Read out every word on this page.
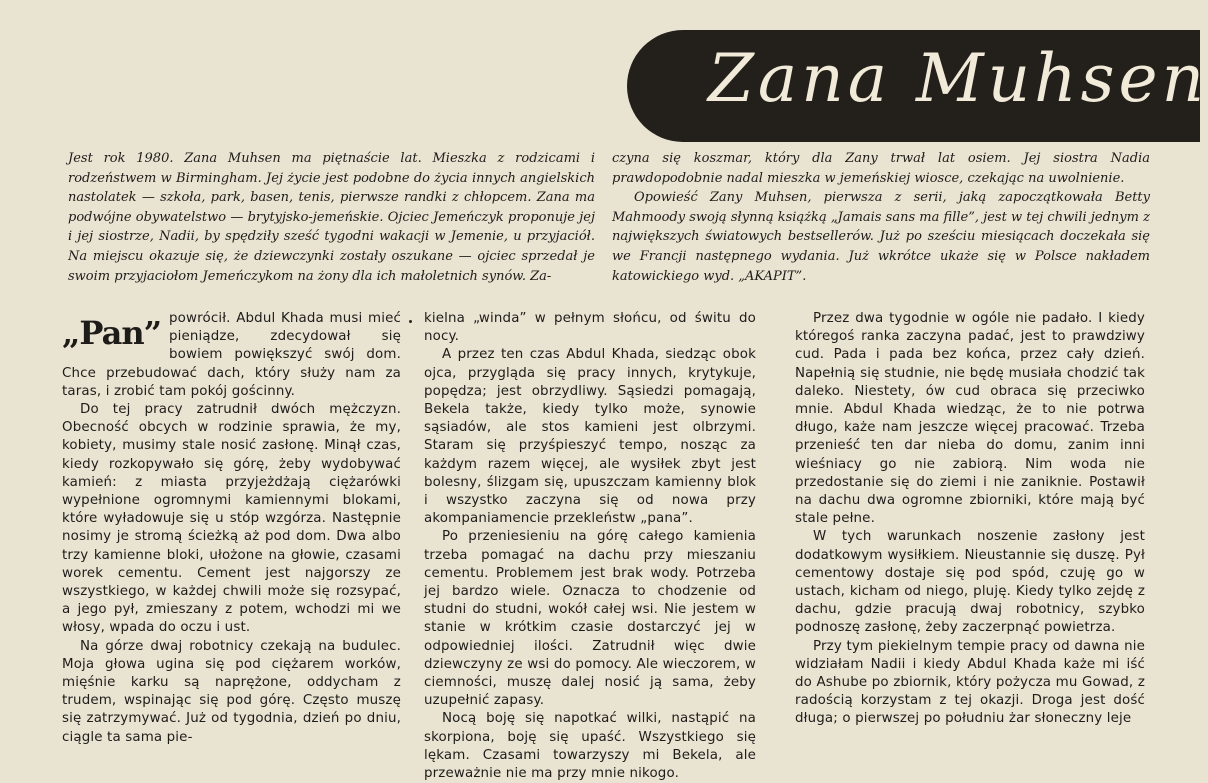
Zana Muhsen

Jest rok 1980. Zana Muhsen ma piętnaście lat. Mieszka z rodzicami i rodzeństwem w Birmingham. Jej życie jest podobne do życia innych angielskich nastolatek — szkoła, park, basen, tenis, pierwsze randki z chłopcem. Zana ma podwójne obywatelstwo — brytyjsko-jemeńskie. Ojciec Jemeńczyk proponuje jej i jej siostrze, Nadii, by spędziły sześć tygodni wakacji w Jemenie, u przyjaciół. Na miejscu okazuje się, że dziewczynki zostały oszukane — ojciec sprzedał je swoim przyjaciołom Jemeńczykom na żony dla ich małoletnich synów. Za-

czyna się koszmar, który dla Zany trwał lat osiem. Jej siostra Nadia prawdopodobnie nadal mieszka w jemeńskiej wiosce, czekając na uwolnienie.

Opowieść Zany Muhsen, pierwsza z serii, jaką zapoczątkowała Betty Mahmoody swoją słynną książką „Jamais sans ma fille”, jest w tej chwili jednym z największych światowych bestsellerów. Już po sześciu miesiącach doczekała się we Francji następnego wydania. Już wkrótce ukaże się w Polsce nakładem katowickiego wyd. „AKAPIT”.

„Pan” powrócił. Abdul Khada musi mieć pieniądze, zdecydował się bowiem powiększyć swój dom. Chce przebudować dach, który służy nam za taras, i zrobić tam pokój gościnny.

Do tej pracy zatrudnił dwóch mężczyzn. Obecność obcych w rodzinie sprawia, że my, kobiety, musimy stale nosić zasłonę. Minął czas, kiedy rozkopywało się górę, żeby wydobywać kamień: z miasta przyjeżdżają ciężarówki wypełnione ogromnymi kamiennymi blokami, które wyładowuje się u stóp wzgórza. Następnie nosimy je stromą ścieżką aż pod dom. Dwa albo trzy kamienne bloki, ułożone na głowie, czasami worek cementu. Cement jest najgorszy ze wszystkiego, w każdej chwili może się rozsypać, a jego pył, zmieszany z potem, wchodzi mi we włosy, wpada do oczu i ust.

Na górze dwaj robotnicy czekają na budulec. Moja głowa ugina się pod ciężarem worków, mięśnie karku są naprężone, oddycham z trudem, wspinając się pod górę. Często muszę się zatrzymywać. Już od tygodnia, dzień po dniu, ciągle ta sama pie-

kielna „winda” w pełnym słońcu, od świtu do nocy.

A przez ten czas Abdul Khada, siedząc obok ojca, przygląda się pracy innych, krytykuje, popędza; jest obrzydliwy. Sąsiedzi pomagają, Bekela także, kiedy tylko może, synowie sąsiadów, ale stos kamieni jest olbrzymi. Staram się przyśpieszyć tempo, nosząc za każdym razem więcej, ale wysiłek zbyt jest bolesny, ślizgam się, upuszczam kamienny blok i wszystko zaczyna się od nowa przy akompaniamencie przekleństw „pana”.

Po przeniesieniu na górę całego kamienia trzeba pomagać na dachu przy mieszaniu cementu. Problemem jest brak wody. Potrzeba jej bardzo wiele. Oznacza to chodzenie od studni do studni, wokół całej wsi. Nie jestem w stanie w krótkim czasie dostarczyć jej w odpowiedniej ilości. Zatrudnił więc dwie dziewczyny ze wsi do pomocy. Ale wieczorem, w ciemności, muszę dalej nosić ją sama, żeby uzupełnić zapasy.

Nocą boję się napotkać wilki, nastąpić na skorpiona, boję się upaść. Wszystkiego się lękam. Czasami towarzyszy mi Bekela, ale przeważnie nie ma przy mnie nikogo.

Przez dwa tygodnie w ogóle nie padało. I kiedy któregoś ranka zaczyna padać, jest to prawdziwy cud. Pada i pada bez końca, przez cały dzień. Napełnią się studnie, nie będę musiała chodzić tak daleko. Niestety, ów cud obraca się przeciwko mnie. Abdul Khada wiedząc, że to nie potrwa długo, każe nam jeszcze więcej pracować. Trzeba przenieść ten dar nieba do domu, zanim inni wieśniacy go nie zabiorą. Nim woda nie przedostanie się do ziemi i nie zaniknie. Postawił na dachu dwa ogromne zbiorniki, które mają być stale pełne.

W tych warunkach noszenie zasłony jest dodatkowym wysiłkiem. Nieustannie się duszę. Pył cementowy dostaje się pod spód, czuję go w ustach, kicham od niego, pluję. Kiedy tylko zejdę z dachu, gdzie pracują dwaj robotnicy, szybko podnoszę zasłonę, żeby zaczerpnąć powietrza.

Przy tym piekielnym tempie pracy od dawna nie widziałam Nadii i kiedy Abdul Khada każe mi iść do Ashube po zbiornik, który pożycza mu Gowad, z radością korzystam z tej okazji. Droga jest dość długa; o pierwszej po południu żar słoneczny leje
